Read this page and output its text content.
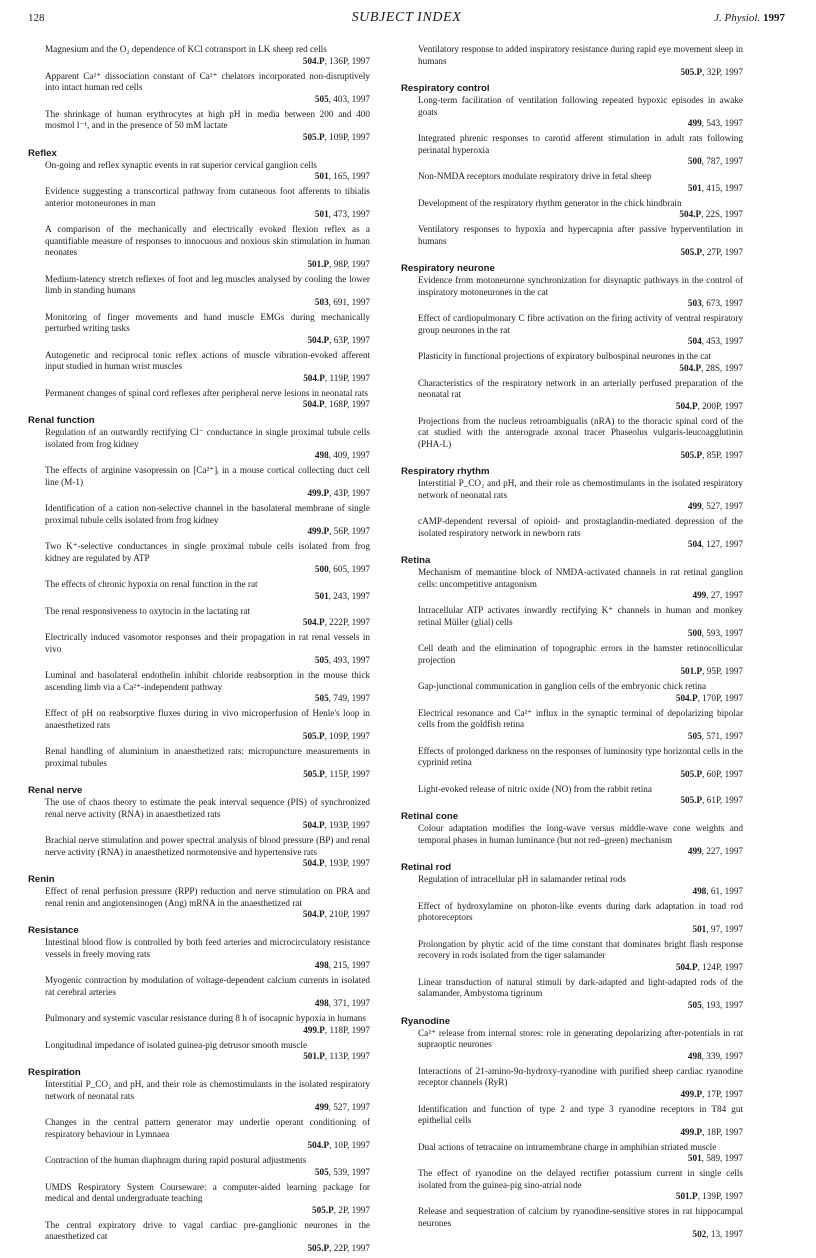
128	SUBJECT INDEX	J. Physiol. 1997
Magnesium and the O₂ dependence of KCl cotransport in LK sheep red cells
504.P, 136P, 1997
Apparent Ca²⁺ dissociation constant of Ca²⁺ chelators incorporated non-disruptively into intact human red cells
505, 403, 1997
The shrinkage of human erythrocytes at high pH in media between 200 and 400 mosmol l⁻¹, and in the presence of 50 mM lactate
505.P, 109P, 1997
Reflex
On-going and reflex synaptic events in rat superior cervical ganglion cells
501, 165, 1997
Evidence suggesting a transcortical pathway from cutaneous foot afferents to tibialis anterior motoneurones in man
501, 473, 1997
A comparison of the mechanically and electrically evoked flexion reflex as a quantifiable measure of responses to innocuous and noxious skin stimulation in human neonates
501.P, 98P, 1997
Medium-latency stretch reflexes of foot and leg muscles analysed by cooling the lower limb in standing humans
503, 691, 1997
Monitoring of finger movements and hand muscle EMGs during mechanically perturbed writing tasks
504.P, 63P, 1997
Autogenetic and reciprocal tonic reflex actions of muscle vibration-evoked afferent input studied in human wrist muscles
504.P, 119P, 1997
Permanent changes of spinal cord reflexes after peripheral nerve lesions in neonatal rats
504.P, 168P, 1997
Renal function
Regulation of an outwardly rectifying Cl⁻ conductance in single proximal tubule cells isolated from frog kidney
498, 409, 1997
The effects of arginine vasopressin on [Ca²⁺]ᵢ in a mouse cortical collecting duct cell line (M-1)
499.P, 43P, 1997
Identification of a cation non-selective channel in the basolateral membrane of single proximal tubule cells isolated from frog kidney
499.P, 56P, 1997
Two K⁺-selective conductances in single proximal tubule cells isolated from frog kidney are regulated by ATP
500, 605, 1997
The effects of chronic hypoxia on renal function in the rat
501, 243, 1997
The renal responsiveness to oxytocin in the lactating rat
504.P, 222P, 1997
Electrically induced vasomotor responses and their propagation in rat renal vessels in vivo
505, 493, 1997
Luminal and basolateral endothelin inhibit chloride reabsorption in the mouse thick ascending limb via a Ca²⁺-independent pathway
505, 749, 1997
Effect of pH on reabsorptive fluxes during in vivo microperfusion of Henle's loop in anaesthetized rats
505.P, 109P, 1997
Renal handling of aluminium in anaesthetized rats: micropuncture measurements in proximal tubules
505.P, 115P, 1997
Renal nerve
The use of chaos theory to estimate the peak interval sequence (PIS) of synchronized renal nerve activity (RNA) in anaesthetized rats
504.P, 193P, 1997
Brachial nerve stimulation and power spectral analysis of blood pressure (BP) and renal nerve activity (RNA) in anaesthetized normotensive and hypertensive rats
504.P, 193P, 1997
Renin
Effect of renal perfusion pressure (RPP) reduction and nerve stimulation on PRA and renal renin and angiotensinogen (Ang) mRNA in the anaesthetized rat
504.P, 210P, 1997
Resistance
Intestinal blood flow is controlled by both feed arteries and microcirculatory resistance vessels in freely moving rats
498, 215, 1997
Myogenic contraction by modulation of voltage-dependent calcium currents in isolated rat cerebral arteries
498, 371, 1997
Pulmonary and systemic vascular resistance during 8 h of isocapnic hypoxia in humans
499.P, 118P, 1997
Longitudinal impedance of isolated guinea-pig detrusor smooth muscle
501.P, 113P, 1997
Respiration
Interstitial P_CO₂ and pH, and their role as chemostimulants in the isolated respiratory network of neonatal rats
499, 527, 1997
Changes in the central pattern generator may underlie operant conditioning of respiratory behaviour in Lymnaea
504.P, 10P, 1997
Contraction of the human diaphragm during rapid postural adjustments
505, 539, 1997
UMDS Respiratory System Courseware: a computer-aided learning package for medical and dental undergraduate teaching
505.P, 2P, 1997
The central expiratory drive to vagal cardiac pre-ganglionic neurones in the anaesthetized cat
505.P, 22P, 1997
Ventilatory response to added inspiratory resistance during rapid eye movement sleep in humans
505.P, 32P, 1997
Respiratory control
Long-term facilitation of ventilation following repeated hypoxic episodes in awake goats
499, 543, 1997
Integrated phrenic responses to carotid afferent stimulation in adult rats following perinatal hyperoxia
500, 787, 1997
Non-NMDA receptors modulate respiratory drive in fetal sheep
501, 415, 1997
Development of the respiratory rhythm generator in the chick hindbrain
504.P, 22S, 1997
Ventilatory responses to hypoxia and hypercapnia after passive hyperventilation in humans
505.P, 27P, 1997
Respiratory neurone
Evidence from motoneurone synchronization for disynaptic pathways in the control of inspiratory motoneurones in the cat
503, 673, 1997
Effect of cardiopulmonary C fibre activation on the firing activity of ventral respiratory group neurones in the rat
504, 453, 1997
Plasticity in functional projections of expiratory bulbospinal neurones in the cat
504.P, 28S, 1997
Characteristics of the respiratory network in an arterially perfused preparation of the neonatal rat
504.P, 200P, 1997
Projections from the nucleus retroambigualis (nRA) to the thoracic spinal cord of the cat studied with the anterograde axonal tracer Phaseolus vulgaris-leucoagglutinin (PHA-L)
505.P, 85P, 1997
Respiratory rhythm
Interstitial P_CO₂ and pH, and their role as chemostimulants in the isolated respiratory network of neonatal rats
499, 527, 1997
cAMP-dependent reversal of opioid- and prostaglandin-mediated depression of the isolated respiratory network in newborn rats
504, 127, 1997
Retina
Mechanism of memantine block of NMDA-activated channels in rat retinal ganglion cells: uncompetitive antagonism
499, 27, 1997
Intracellular ATP activates inwardly rectifying K⁺ channels in human and monkey retinal Müller (glial) cells
500, 593, 1997
Cell death and the elimination of topographic errors in the hamster retinocollicular projection
501.P, 95P, 1997
Gap-junctional communication in ganglion cells of the embryonic chick retina
504.P, 170P, 1997
Electrical resonance and Ca²⁺ influx in the synaptic terminal of depolarizing bipolar cells from the goldfish retina
505, 571, 1997
Effects of prolonged darkness on the responses of luminosity type horizontal cells in the cyprinid retina
505.P, 60P, 1997
Light-evoked release of nitric oxide (NO) from the rabbit retina
505.P, 61P, 1997
Retinal cone
Colour adaptation modifies the long-wave versus middle-wave cone weights and temporal phases in human luminance (but not red–green) mechanism
499, 227, 1997
Retinal rod
Regulation of intracellular pH in salamander retinal rods
498, 61, 1997
Effect of hydroxylamine on photon-like events during dark adaptation in toad rod photoreceptors
501, 97, 1997
Prolongation by phytic acid of the time constant that dominates bright flash response recovery in rods isolated from the tiger salamander
504.P, 124P, 1997
Linear transduction of natural stimuli by dark-adapted and light-adapted rods of the salamander, Ambystoma tigrinum
505, 193, 1997
Ryanodine
Ca²⁺ release from internal stores: role in generating depolarizing after-potentials in rat supraoptic neurones
498, 339, 1997
Interactions of 21-amino-9α-hydroxy-ryanodine with purified sheep cardiac ryanodine receptor channels (RyR)
499.P, 17P, 1997
Identification and function of type 2 and type 3 ryanodine receptors in T84 gut epithelial cells
499.P, 18P, 1997
Dual actions of tetracaine on intramembrane charge in amphibian striated muscle
501, 589, 1997
The effect of ryanodine on the delayed rectifier potassium current in single cells isolated from the guinea-pig sino-atrial node
501.P, 139P, 1997
Release and sequestration of calcium by ryanodine-sensitive stores in rat hippocampal neurones
502, 13, 1997
